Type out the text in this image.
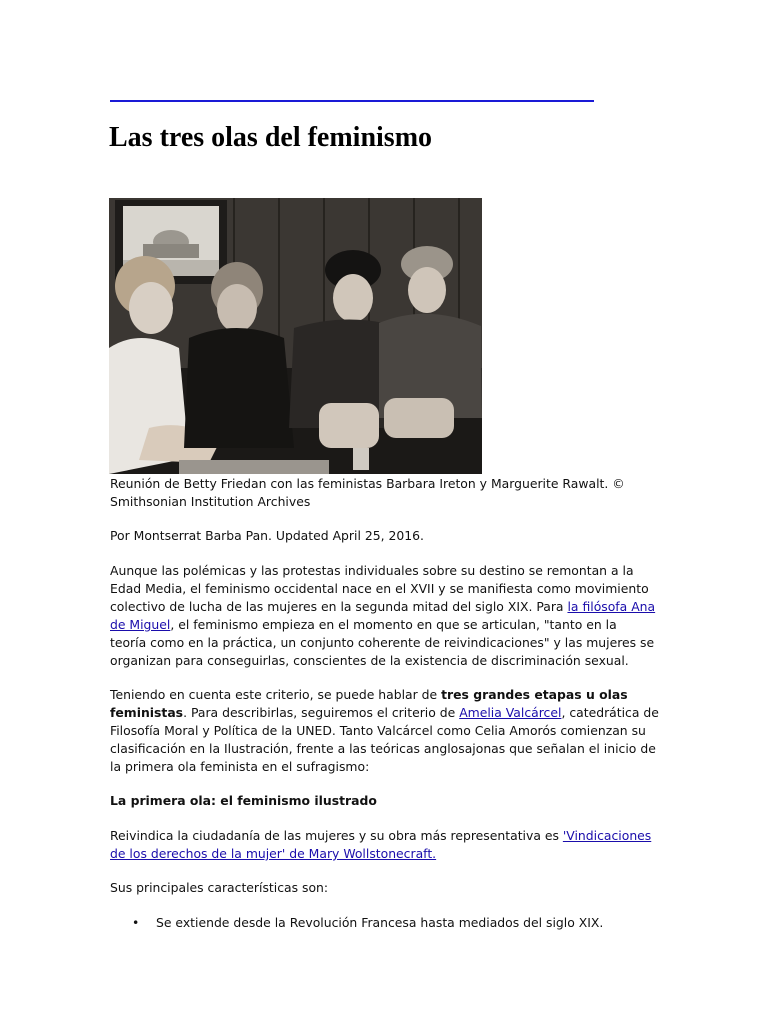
Las tres olas del feminismo

Reunión de Betty Friedan con las feministas Barbara Ireton y Marguerite Rawalt. ©
Smithsonian Institution Archives

Por Montserrat Barba Pan. Updated April 25, 2016.

Aunque las polémicas y las protestas individuales sobre su destino se remontan a la
Edad Media, el feminismo occidental nace en el XVII y se manifiesta como movimiento
colectivo de lucha de las mujeres en la segunda mitad del siglo XIX. Para la filósofa Ana
de Miguel, el feminismo empieza en el momento en que se articulan, "tanto en la
teoría como en la práctica, un conjunto coherente de reivindicaciones" y las mujeres se
organizan para conseguirlas, conscientes de la existencia de discriminación sexual.

Teniendo en cuenta este criterio, se puede hablar de tres grandes etapas u olas
feministas. Para describirlas, seguiremos el criterio de Amelia Valcárcel, catedrática de
Filosofía Moral y Política de la UNED. Tanto Valcárcel como Celia Amorós comienzan su
clasificación en la Ilustración, frente a las teóricas anglosajonas que señalan el inicio de
la primera ola feminista en el sufragismo:

La primera ola: el feminismo ilustrado

Reivindica la ciudadanía de las mujeres y su obra más representativa es 'Vindicaciones
de los derechos de la mujer' de Mary Wollstonecraft.

Sus principales características son:

• Se extiende desde la Revolución Francesa hasta mediados del siglo XIX.
